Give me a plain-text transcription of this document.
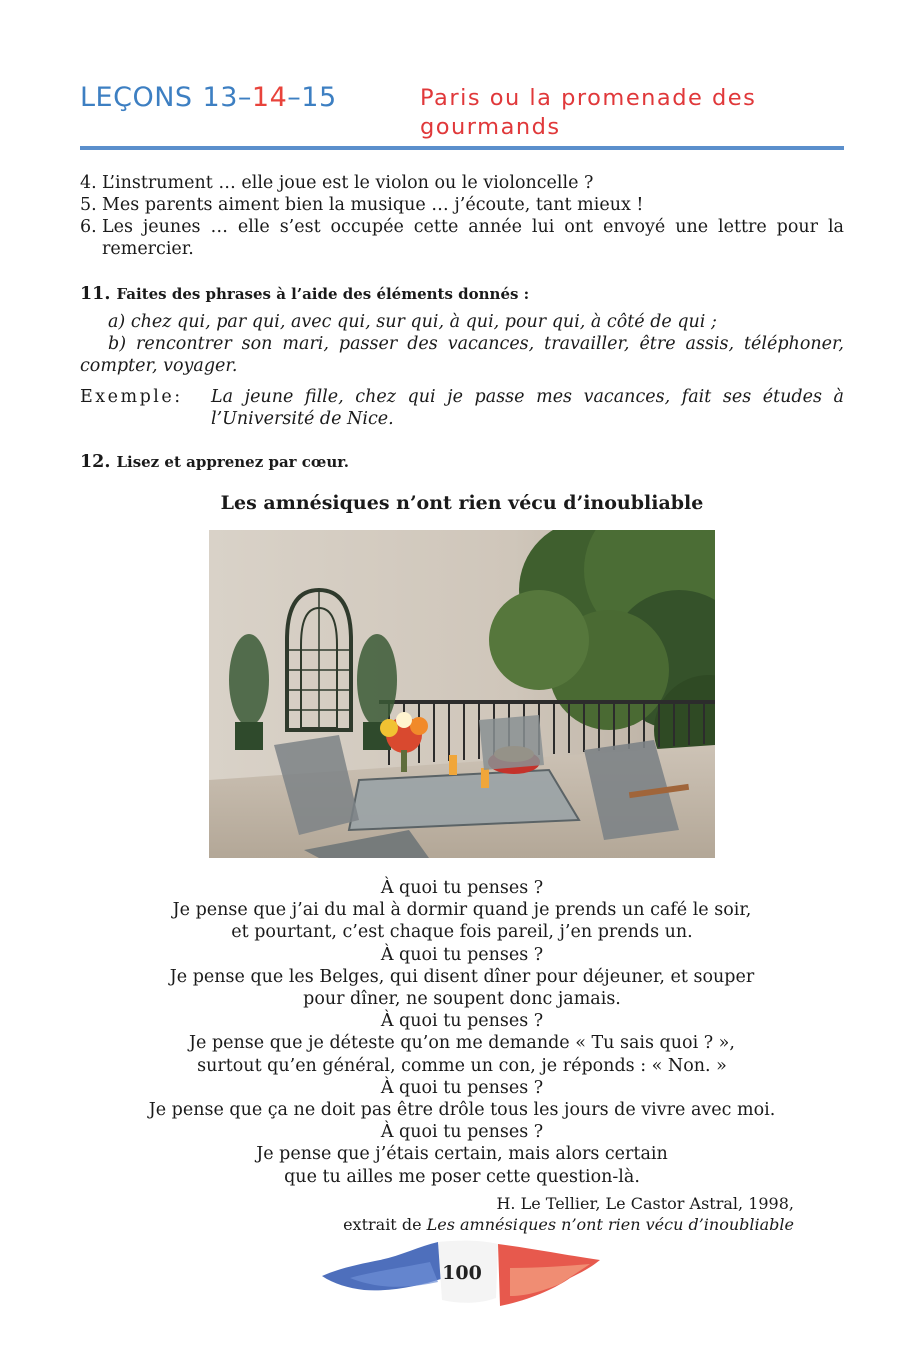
LEÇONS 13–14–15	Paris ou la promenade des
gourmands
4. L’instrument … elle joue est le violon ou le violoncelle ?
5. Mes parents aiment bien la musique … j’écoute, tant mieux !
6. Les jeunes … elle s’est occupée cette année lui ont envoyé une lettre pour la remercier.
11. Faites des phrases à l’aide des éléments donnés :

a) chez qui, par qui, avec qui, sur qui, à qui, pour qui, à côté de qui ;

b) rencontrer son mari, passer des vacances, travailler, être assis, téléphoner, compter, voyager.

Exemple: La jeune fille, chez qui je passe mes vacances, fait ses études à l’Université de Nice.
12. Lisez et apprenez par cœur.
Les amnésiques n’ont rien vécu d’inoubliable
À quoi tu penses ?
Je pense que j’ai du mal à dormir quand je prends un café le soir,
et pourtant, c’est chaque fois pareil, j’en prends un.
À quoi tu penses ?
Je pense que les Belges, qui disent dîner pour déjeuner, et souper
pour dîner, ne soupent donc jamais.
À quoi tu penses ?
Je pense que je déteste qu’on me demande « Tu sais quoi ? »,
surtout qu’en général, comme un con, je réponds : « Non. »
À quoi tu penses ?
Je pense que ça ne doit pas être drôle tous les jours de vivre avec moi.
À quoi tu penses ?
Je pense que j’étais certain, mais alors certain
que tu ailles me poser cette question-là.
H. Le Tellier, Le Castor Astral, 1998,
extrait de Les amnésiques n’ont rien vécu d’inoubliable
100
